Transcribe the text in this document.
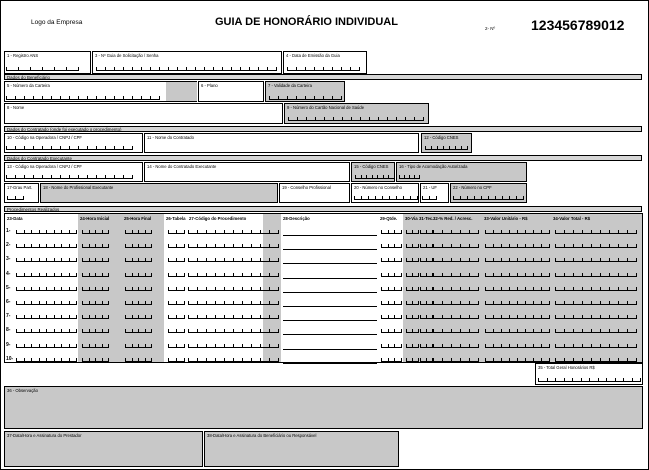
Logo da Empresa	GUIA DE HONORÁRIO INDIVIDUAL
2- Nº	123456789012
1 - Registro ANS	3 - Nº Guia de Solicitação / Senha	4 - Data de Emissão da Guia
Dados do Beneficiário
5 - Número da Carteira	6 - Plano	7 - Validade da Carteira
8 - Nome	9 - Número do Cartão Nacional de Saúde
Dados do Contratado (onde foi executado o procedimento)
10 - Código na Operadora / CNPJ / CPF	11 - Nome do Contratado	12 - Código CNES
Dados do Contratado Executante
13 - Código na Operadora / CNPJ / CPF	14 - Nome do Contratado Executante	15 - Código CNES	16 - Tipo de Acomodação Autorizada
17-Grau Part.	18 - Nome do Profissional Executante	19 - Conselho Profissional	20 - Número no Conselho	21 - UF	22 - Número no CPF
Procedimentos Realizados
23-Data	24-Hora Inicial	25-Hora Final	26-Tabela 27-Código do Procedimento	28-Descrição	29-Qtde. 30-Via 31-Tec. 32-% Red. / Acresc.	33-Valor Unitário - R$	34-Valor Total - R$
1-
2-
3-
4-
5-
6-
7-
8-
9-
10-
35 - Total Geral Honorários R$
36 - Observação
37-Data/Hora e Assinatura do Prestador	38-Data/Hora e Assinatura do Beneficiário ou Responsável
